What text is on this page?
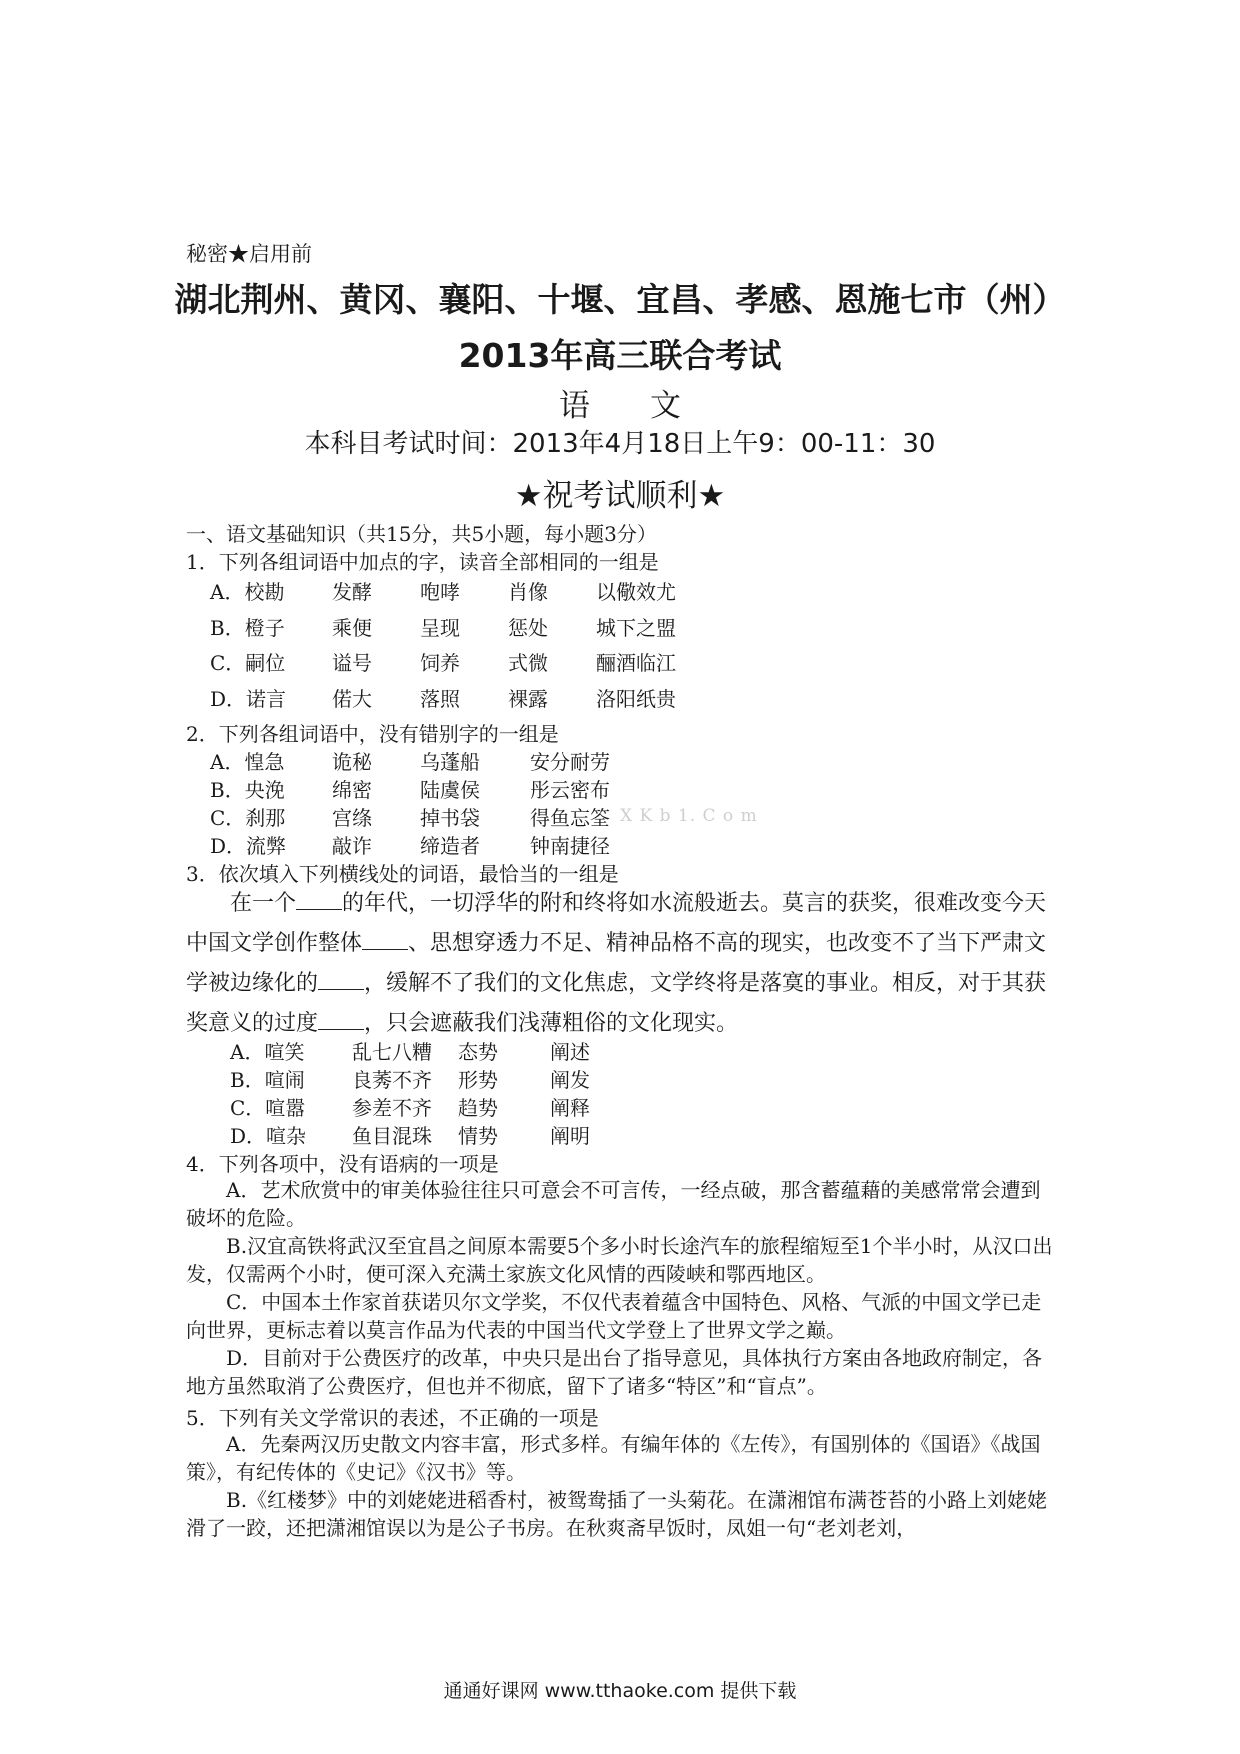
秘密★启用前
湖北荆州、黄冈、襄阳、十堰、宜昌、孝感、恩施七市（州）
2013年高三联合考试
语文
本科目考试时间：2013年4月18日上午9：00-11：30
★祝考试顺利★
一、语文基础知识（共15分，共5小题，每小题3分）
1．下列各组词语中加点的字，读音全部相同的一组是
A．校勘 发酵 咆哮 肖像 以儆效尤
B．橙子 乘便 呈现 惩处 城下之盟
C．嗣位 谥号 饲养 式微 酾酒临江
D．诺言 偌大 落照 裸露 洛阳纸贵
2．下列各组词语中，没有错别字的一组是
A．惶急 诡秘 乌蓬船	安分耐劳
B．央浼 绵密 陆虞侯	彤云密布
C．刹那 宫绦 掉书袋	得鱼忘筌
D．流弊 敲诈 缔造者	钟南捷径
X K b 1. C o m
3．依次填入下列横线处的词语，最恰当的一组是
在一个 的年代，一切浮华的附和终将如水流般逝去。莫言的获奖，很难改变今天中国文学创作整体 、思想穿透力不足、精神品格不高的现实，也改变不了当下严肃文学被边缘化的 ，缓解不了我们的文化焦虑，文学终将是落寞的事业。相反，对于其获奖意义的过度 ，只会遮蔽我们浅薄粗俗的文化现实。
A．喧笑 乱七八糟 态势	阐述
B．喧闹 良莠不齐 形势	阐发
C．喧嚣 参差不齐 趋势	阐释
D．喧杂 鱼目混珠 情势	阐明
4．下列各项中，没有语病的一项是
A．艺术欣赏中的审美体验往往只可意会不可言传，一经点破，那含蓄蕴藉的美感常常会遭到破坏的危险。
B.汉宜高铁将武汉至宜昌之间原本需要5个多小时长途汽车的旅程缩短至1个半小时，从汉口出发，仅需两个小时，便可深入充满土家族文化风情的西陵峡和鄂西地区。
C．中国本土作家首获诺贝尔文学奖，不仅代表着蕴含中国特色、风格、气派的中国文学已走向世界，更标志着以莫言作品为代表的中国当代文学登上了世界文学之巅。
D．目前对于公费医疗的改革，中央只是出台了指导意见，具体执行方案由各地政府制定，各地方虽然取消了公费医疗，但也并不彻底，留下了诸多“特区”和“盲点”。
5．下列有关文学常识的表述，不正确的一项是
A．先秦两汉历史散文内容丰富，形式多样。有编年体的《左传》，有国别体的《国语》《战国策》，有纪传体的《史记》《汉书》等。
B.《红楼梦》中的刘姥姥进稻香村，被鸳鸯插了一头菊花。在潇湘馆布满苍苔的小路上刘姥姥滑了一跤，还把潇湘馆误以为是公子书房。在秋爽斋早饭时，凤姐一句“老刘老刘，
通通好课网 www.tthaoke.com 提供下载
